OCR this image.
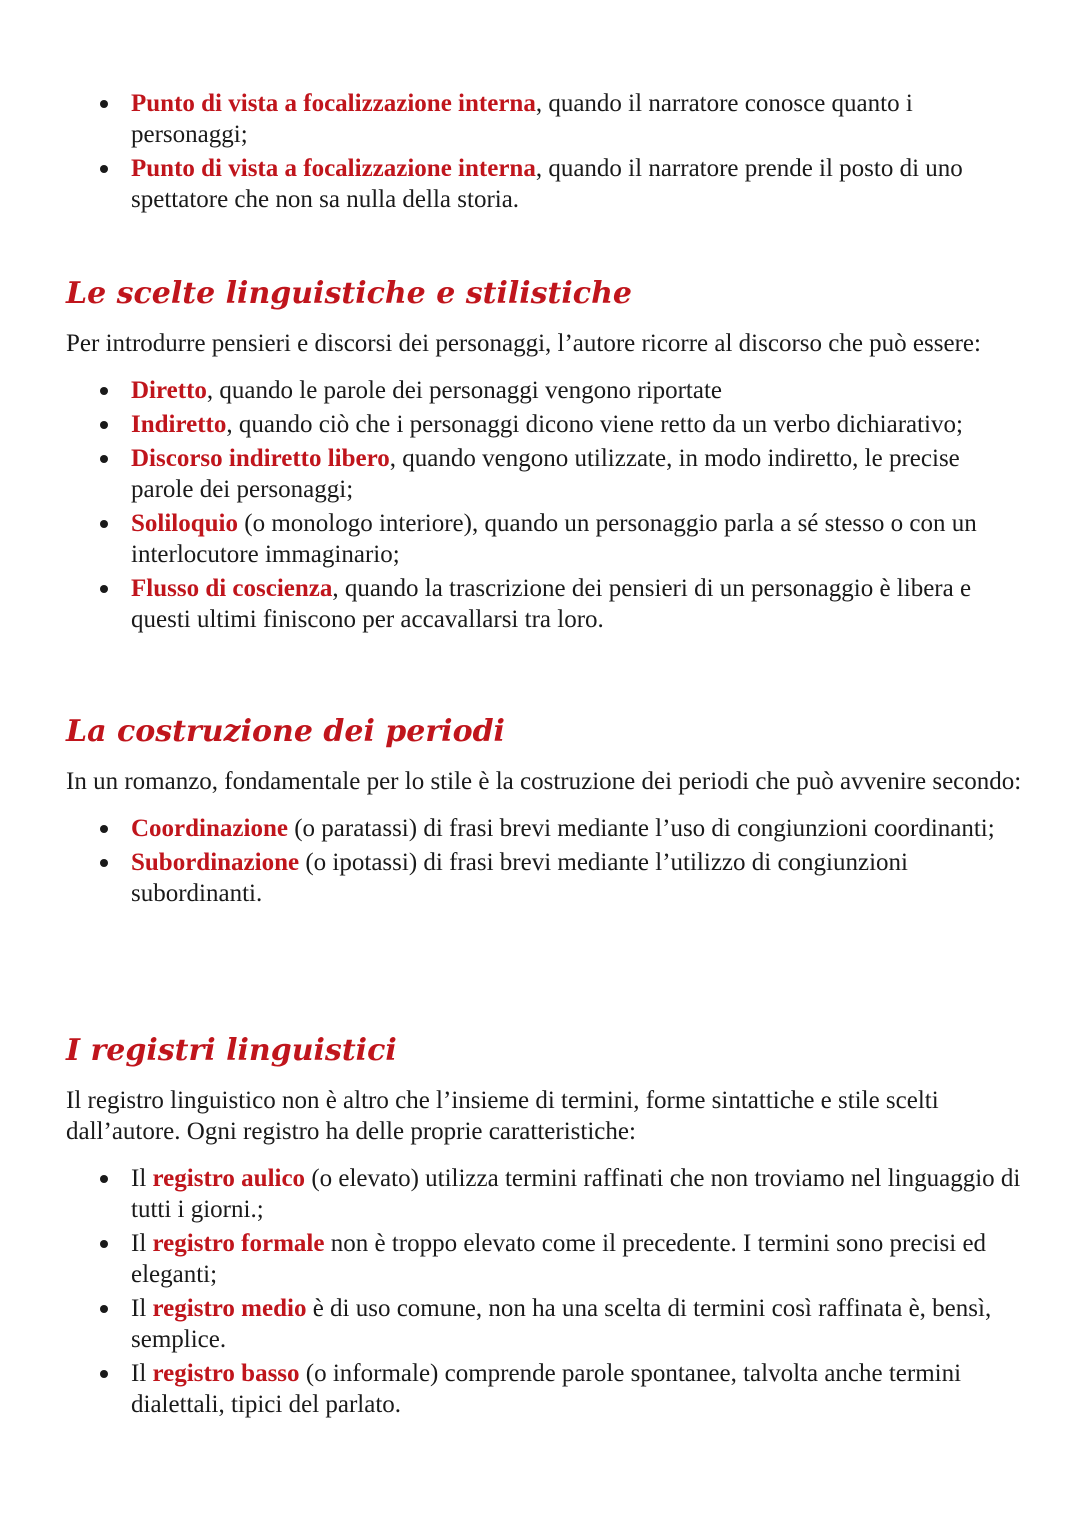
Punto di vista a focalizzazione interna, quando il narratore conosce quanto i personaggi;
Punto di vista a focalizzazione interna, quando il narratore prende il posto di uno spettatore che non sa nulla della storia.
Le scelte linguistiche e stilistiche

Per introdurre pensieri e discorsi dei personaggi, l’autore ricorre al discorso che può essere:

Diretto, quando le parole dei personaggi vengono riportate
Indiretto, quando ciò che i personaggi dicono viene retto da un verbo dichiarativo;
Discorso indiretto libero, quando vengono utilizzate, in modo indiretto, le precise parole dei personaggi;
Soliloquio (o monologo interiore), quando un personaggio parla a sé stesso o con un interlocutore immaginario;
Flusso di coscienza, quando la trascrizione dei pensieri di un personaggio è libera e questi ultimi finiscono per accavallarsi tra loro.
La costruzione dei periodi

In un romanzo, fondamentale per lo stile è la costruzione dei periodi che può avvenire secondo:

Coordinazione (o paratassi) di frasi brevi mediante l’uso di congiunzioni coordinanti;
Subordinazione (o ipotassi) di frasi brevi mediante l’utilizzo di congiunzioni subordinanti.
I registri linguistici

Il registro linguistico non è altro che l’insieme di termini, forme sintattiche e stile scelti dall’autore. Ogni registro ha delle proprie caratteristiche:

Il registro aulico (o elevato) utilizza termini raffinati che non troviamo nel linguaggio di tutti i giorni.;
Il registro formale non è troppo elevato come il precedente. I termini sono precisi ed eleganti;
Il registro medio è di uso comune, non ha una scelta di termini così raffinata è, bensì, semplice.
Il registro basso (o informale) comprende parole spontanee, talvolta anche termini dialettali, tipici del parlato.
